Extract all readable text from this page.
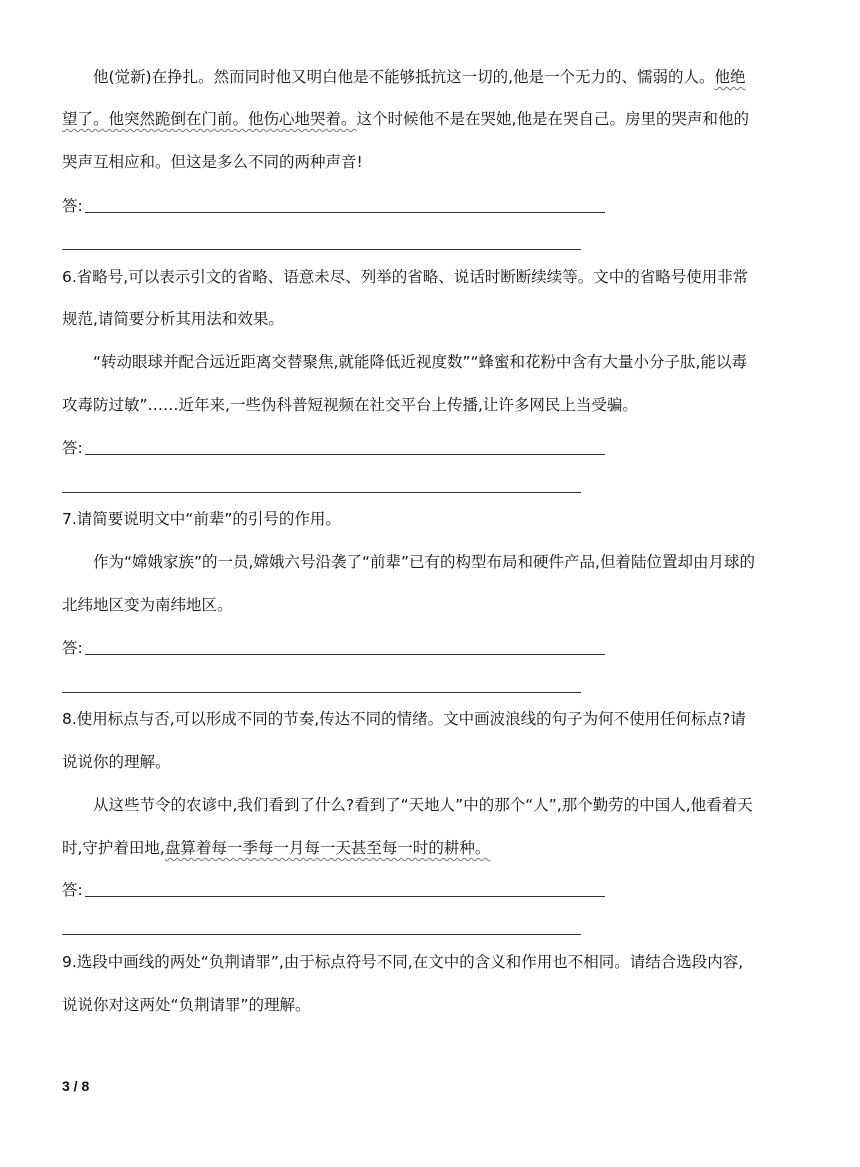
他(觉新)在挣扎。然而同时他又明白他是不能够抵抗这一切的,他是一个无力的、懦弱的人。他绝
望了。他突然跪倒在门前。他伤心地哭着。这个时候他不是在哭她,他是在哭自己。房里的哭声和他的
哭声互相应和。但这是多么不同的两种声音!
答:
6.省略号,可以表示引文的省略、语意未尽、列举的省略、说话时断断续续等。文中的省略号使用非常
规范,请简要分析其用法和效果。
“转动眼球并配合远近距离交替聚焦,就能降低近视度数”“蜂蜜和花粉中含有大量小分子肽,能以毒
攻毒防过敏”……近年来,一些伪科普短视频在社交平台上传播,让许多网民上当受骗。
答:
7.请简要说明文中“前辈”的引号的作用。
作为“嫦娥家族”的一员,嫦娥六号沿袭了“前辈”已有的构型布局和硬件产品,但着陆位置却由月球的
北纬地区变为南纬地区。
答:
8.使用标点与否,可以形成不同的节奏,传达不同的情绪。文中画波浪线的句子为何不使用任何标点?请
说说你的理解。
从这些节令的农谚中,我们看到了什么?看到了“天地人”中的那个“人”,那个勤劳的中国人,他看着天
时,守护着田地,盘算着每一季每一月每一天甚至每一时的耕种。
答:
9.选段中画线的两处“负荆请罪”,由于标点符号不同,在文中的含义和作用也不相同。请结合选段内容,
说说你对这两处“负荆请罪”的理解。
3 / 8
